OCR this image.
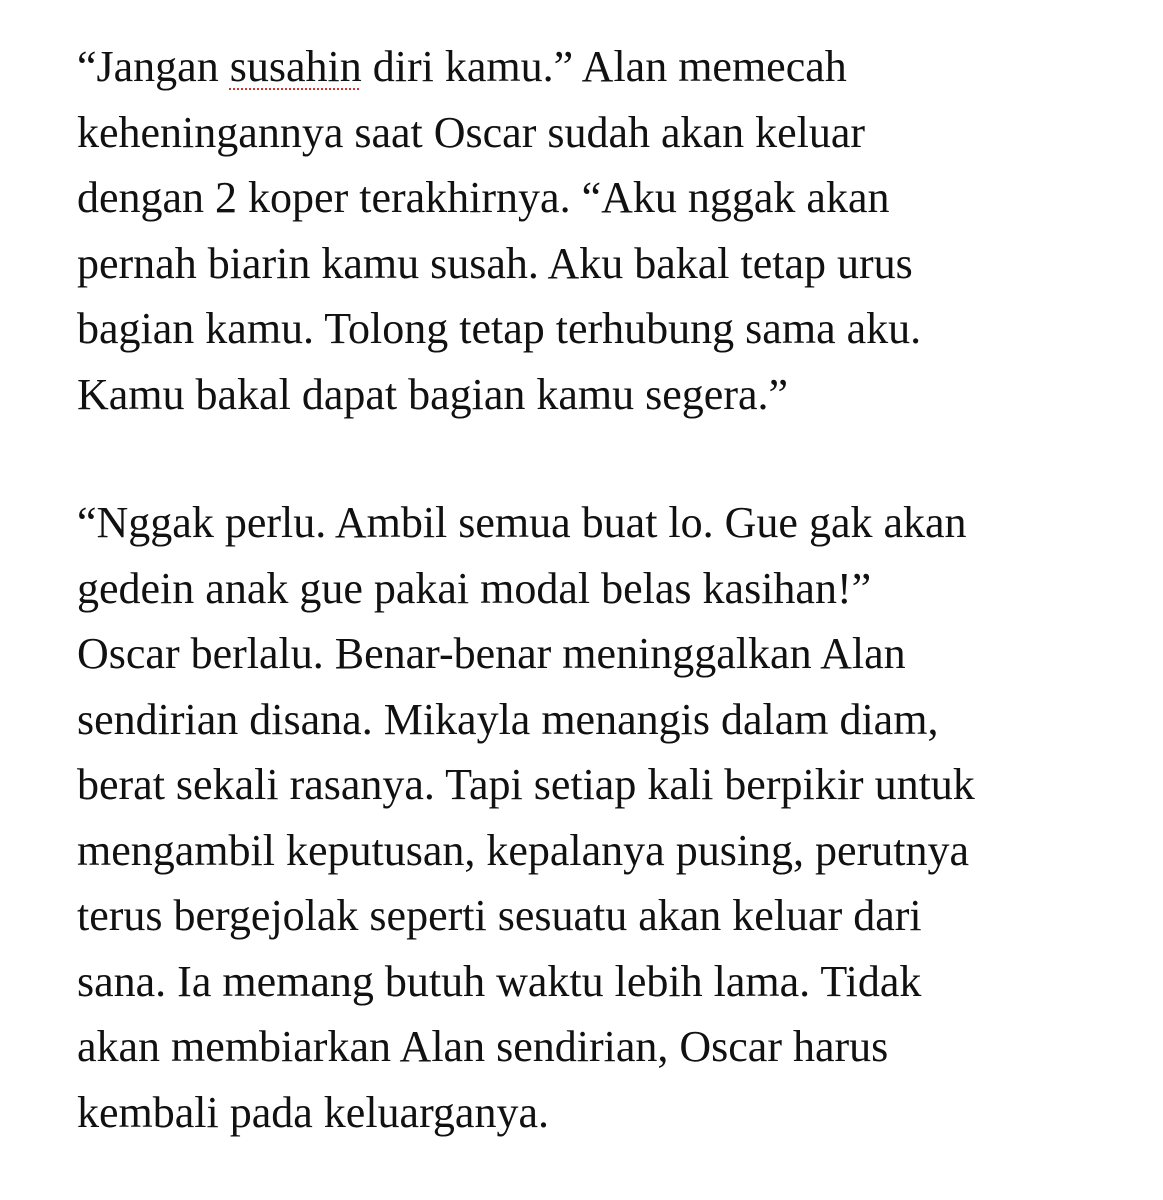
“Jangan susahin diri kamu.” Alan memecah
keheningannya saat Oscar sudah akan keluar
dengan 2 koper terakhirnya. “Aku nggak akan
pernah biarin kamu susah. Aku bakal tetap urus
bagian kamu. Tolong tetap terhubung sama aku.
Kamu bakal dapat bagian kamu segera.”
“Nggak perlu. Ambil semua buat lo. Gue gak akan
gedein anak gue pakai modal belas kasihan!”
Oscar berlalu. Benar-benar meninggalkan Alan
sendirian disana. Mikayla menangis dalam diam,
berat sekali rasanya. Tapi setiap kali berpikir untuk
mengambil keputusan, kepalanya pusing, perutnya
terus bergejolak seperti sesuatu akan keluar dari
sana. Ia memang butuh waktu lebih lama. Tidak
akan membiarkan Alan sendirian, Oscar harus
kembali pada keluarganya.
